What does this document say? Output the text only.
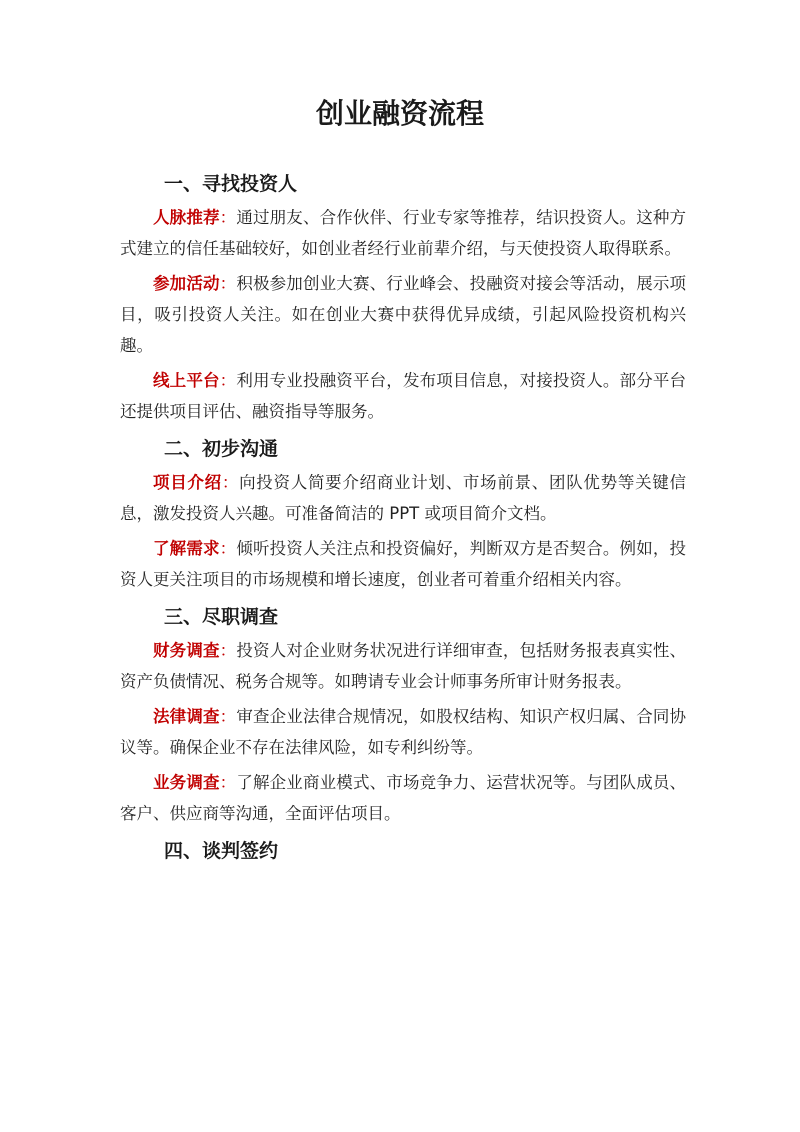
创业融资流程
一、寻找投资人

人脉推荐：通过朋友、合作伙伴、行业专家等推荐，结识投资人。这种方式建立的信任基础较好，如创业者经行业前辈介绍，与天使投资人取得联系。

参加活动：积极参加创业大赛、行业峰会、投融资对接会等活动，展示项目，吸引投资人关注。如在创业大赛中获得优异成绩，引起风险投资机构兴趣。

线上平台：利用专业投融资平台，发布项目信息，对接投资人。部分平台还提供项目评估、融资指导等服务。

二、初步沟通

项目介绍：向投资人简要介绍商业计划、市场前景、团队优势等关键信息，激发投资人兴趣。可准备简洁的 PPT 或项目简介文档。

了解需求：倾听投资人关注点和投资偏好，判断双方是否契合。例如，投资人更关注项目的市场规模和增长速度，创业者可着重介绍相关内容。

三、尽职调查

财务调查：投资人对企业财务状况进行详细审查，包括财务报表真实性、资产负债情况、税务合规等。如聘请专业会计师事务所审计财务报表。

法律调查：审查企业法律合规情况，如股权结构、知识产权归属、合同协议等。确保企业不存在法律风险，如专利纠纷等。

业务调查：了解企业商业模式、市场竞争力、运营状况等。与团队成员、客户、供应商等沟通，全面评估项目。

四、谈判签约
